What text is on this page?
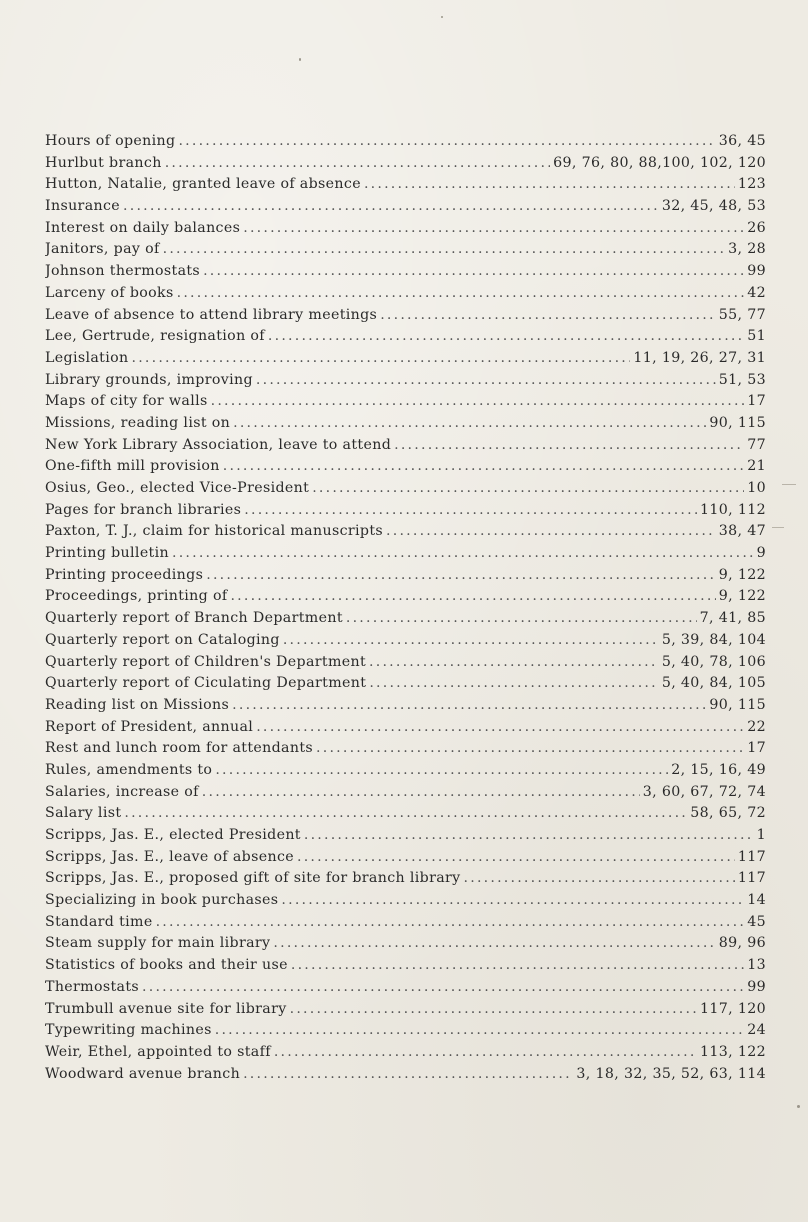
Hours of opening .....	36, 45
Hurlbut branch .....	69, 76, 80, 88,100, 102, 120
Hutton, Natalie, granted leave of absence .....	123
Insurance .....	32, 45, 48, 53
Interest on daily balances .....	26
Janitors, pay of .....	3, 28
Johnson thermostats .....	99
Larceny of books .....	42
Leave of absence to attend library meetings .....	55, 77
Lee, Gertrude, resignation of .....	51
Legislation .....	11, 19, 26, 27, 31
Library grounds, improving .....	51, 53
Maps of city for walls .....	17
Missions, reading list on .....	90, 115
New York Library Association, leave to attend .....	77
One-fifth mill provision .....	21
Osius, Geo., elected Vice-President .....	10
Pages for branch libraries .....	110, 112
Paxton, T. J., claim for historical manuscripts .....	38, 47
Printing bulletin .....	9
Printing proceedings .....	9, 122
Proceedings, printing of .....	9, 122
Quarterly report of Branch Department .....	7, 41, 85
Quarterly report on Cataloging .....	5, 39, 84, 104
Quarterly report of Children's Department .....	5, 40, 78, 106
Quarterly report of Ciculating Department .....	5, 40, 84, 105
Reading list on Missions .....	90, 115
Report of President, annual .....	22
Rest and lunch room for attendants .....	17
Rules, amendments to .....	2, 15, 16, 49
Salaries, increase of .....	3, 60, 67, 72, 74
Salary list .....	58, 65, 72
Scripps, Jas. E., elected President .....	1
Scripps, Jas. E., leave of absence .....	117
Scripps, Jas. E., proposed gift of site for branch library .....	117
Specializing in book purchases .....	14
Standard time .....	45
Steam supply for main library .....	89, 96
Statistics of books and their use .....	13
Thermostats .....	99
Trumbull avenue site for library .....	117, 120
Typewriting machines .....	24
Weir, Ethel, appointed to staff .....	113, 122
Woodward avenue branch .....	3, 18, 32, 35, 52, 63, 114
